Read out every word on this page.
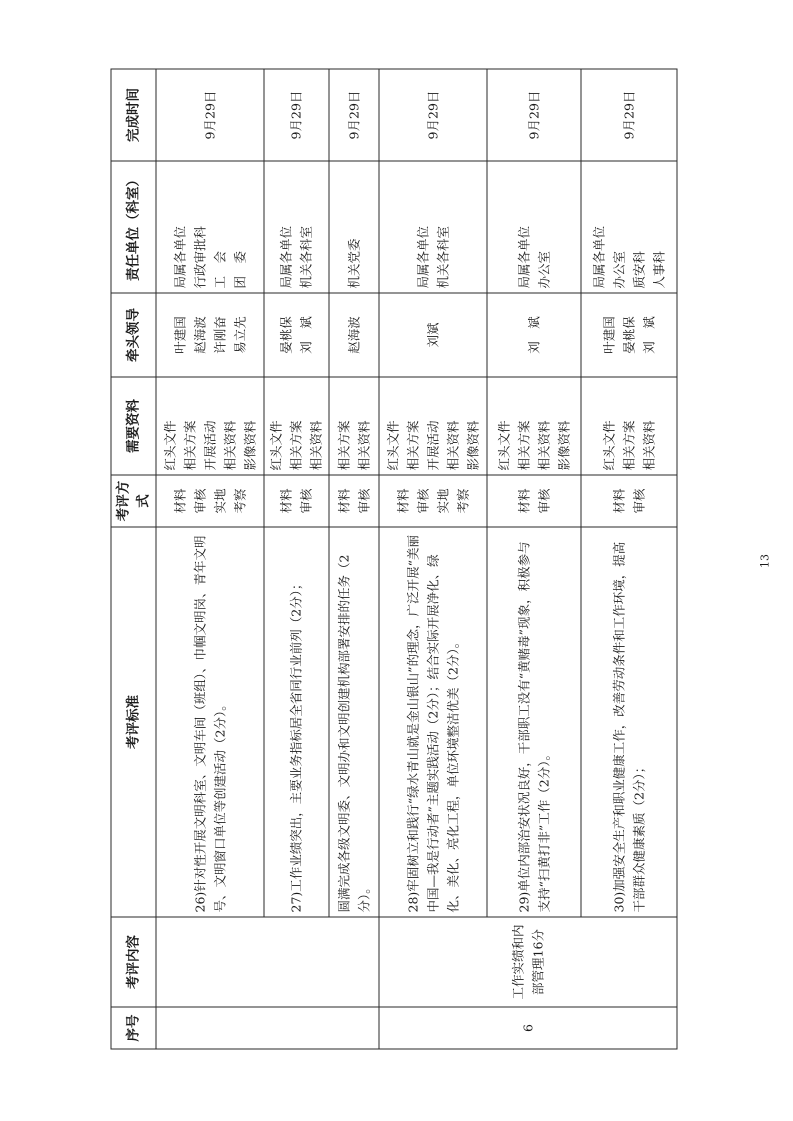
序号	考评内容	考评标准	考评方式	需要资料	牵头领导	责任单位（科室）	完成时间
		26)针对性开展文明科室、文明车间（班组）、巾帼文明岗、青年文明号、文明窗口单位等创建活动（2分）。	材料
审核
实地
考察	红头文件
相关方案
开展活动
相关资料
影像资料	叶建国
赵海波
许刚奋
易立先	局属各单位
行政审批科
工　会
团　委	9月29日
		27)工作业绩突出，主要业务指标居全省同行业前列（2分）；	材料
审核	红头文件
相关方案
相关资料	晏桃保
刘　斌	局属各单位
机关各科室	9月29日
		圆满完成各级文明委、文明办和文明创建机构部署安排的任务（2分）。	材料
审核	相关方案
相关资料	赵海波	机关党委	9月29日
6	工作实绩和内部管理16分	28)牢固树立和践行“绿水青山就是金山银山”的理念，广泛开展“美丽中国—我是行动者”主题实践活动（2分）；结合实际开展净化、绿化、美化、亮化工程，单位环境整洁优美（2分）。	材料
审核
实地
考察	红头文件
相关方案
开展活动
相关资料
影像资料	刘斌	局属各单位
机关各科室	9月29日
		29)单位内部治安状况良好，干部职工没有“黄赌毒”现象，积极参与支持“扫黄打非”工作（2分）。	材料
审核	红头文件
相关方案
相关资料
影像资料	刘　斌	局属各单位
办公室	9月29日
		30)加强安全生产和职业健康工作，改善劳动条件和工作环境，提高干部群众健康素质（2分）；	材料
审核	红头文件
相关方案
相关资料	叶建国
晏桃保
刘　斌	局属各单位
办公室
质安科
人事科	9月29日
13
